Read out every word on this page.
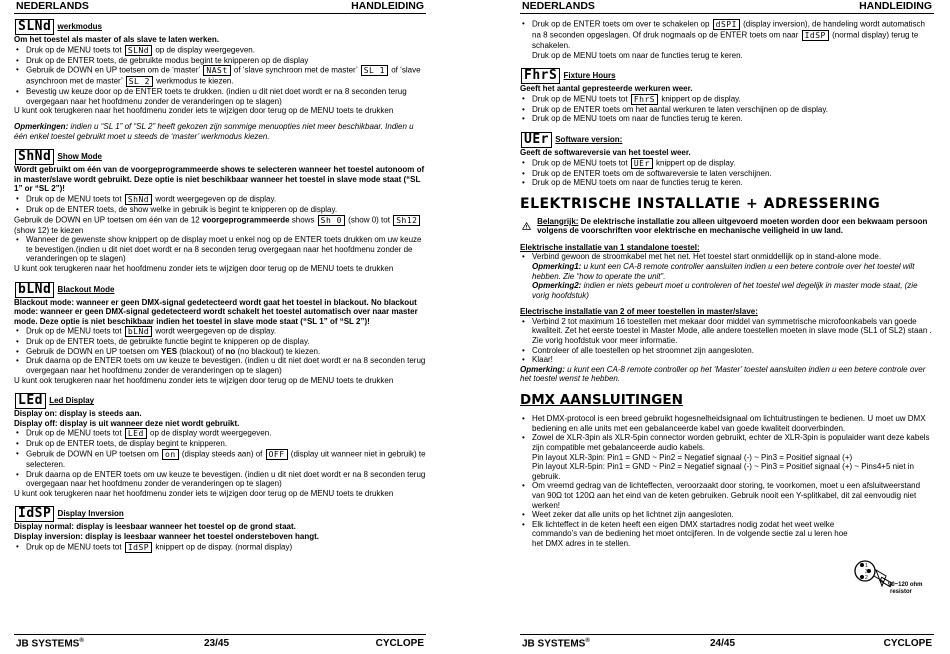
NEDERLANDS	HANDLEIDING

SLNd werkmodus

Om het toestel als master of als slave te laten werken.

• Druk op de MENU toets tot SLNd op de display weergegeven.
• Druk op de ENTER toets, de gebruikte modus begint te knipperen op de display
• Gebruik de DOWN en UP toetsen om de ‘master’ NASt of ‘slave synchroon met de master’ SL 1 of ‘slave asynchroon met de master’ SL 2 werkmodus te kiezen.
• Bevestig uw keuze door op de ENTER toets te drukken. (indien u dit niet doet wordt er na 8 seconden terug overgegaan naar het hoofdmenu zonder de veranderingen op te slagen)

U kunt ook terugkeren naar het hoofdmenu zonder iets te wijzigen door terug op de MENU toets te drukken

Opmerkingen: indien u “SL 1” of “SL 2” heeft gekozen zijn sommige menuopties niet meer beschikbaar. Indien u één enkel toestel gebruikt moet u steeds de ‘master’ werkmodus kiezen.

ShNd Show Mode

Wordt gebruikt om één van de voorgeprogrammeerde shows te selecteren wanneer het toestel autonoom of in master/slave wordt gebruikt. Deze optie is niet beschikbaar wanneer het toestel in slave mode staat (“SL 1” or “SL 2”)!

• Druk op de MENU toets tot ShNd wordt weergegeven op de display.
• Druk op de ENTER toets, de show welke in gebruik is begint te knipperen op de display.

Gebruik de DOWN en UP toetsen om één van de 12 voorgeprogrammeerde shows Sh 0 (show 0) tot Sh12 (show 12) te kiezen

• Wanneer de gewenste show knippert op de display moet u enkel nog op de ENTER toets drukken om uw keuze te bevestigen.(indien u dit niet doet wordt er na 8 seconden terug overgegaan naar het hoofdmenu zonder de veranderingen op te slagen)

U kunt ook terugkeren naar het hoofdmenu zonder iets te wijzigen door terug op de MENU toets te drukken

bLNd Blackout Mode

Blackout mode: wanneer er geen DMX-signal gedetecteerd wordt gaat het toestel in blackout. No blackout mode: wanneer er geen DMX-signal gedetecteerd wordt schakelt het toestel automatisch over naar master mode. Deze optie is niet beschikbaar indien het toestel in slave mode staat (“SL 1” of “SL 2”)!

• Druk op de MENU toets tot bLNd wordt weergegeven op de display.
• Druk op de ENTER toets, de gebruikte functie begint te knipperen op de display.
• Gebruik de DOWN en UP toetsen om YES (blackout) of no (no blackout) te kiezen.
• Druk daarna op de ENTER toets om uw keuze te bevestigen. (indien u dit niet doet wordt er na 8 seconden terug overgegaan naar het hoofdmenu zonder de veranderingen op te slagen)

U kunt ook terugkeren naar het hoofdmenu zonder iets te wijzigen door terug op de MENU toets te drukken

LEd Led Display

Display on: display is steeds aan.

Display off: display is uit wanneer deze niet wordt gebruikt.

• Druk op de MENU toets tot LEd op de display wordt weergegeven.
• Druk op de ENTER toets, de display begint te knipperen.
• Gebruik de DOWN en UP toetsen om on (display steeds aan) of OFF (display uit wanneer niet in gebruik) te selecteren.
• Druk daarna op de ENTER toets om uw keuze te bevestigen. (indien u dit niet doet wordt er na 8 seconden terug overgegaan naar het hoofdmenu zonder de veranderingen op te slagen)

U kunt ook terugkeren naar het hoofdmenu zonder iets te wijzigen door terug op de MENU toets te drukken

IdSP Display Inversion

Display normal: display is leesbaar wanneer het toestel op de grond staat.

Display inversion: display is leesbaar wanneer het toestel ondersteboven hangt.

• Druk op de MENU toets tot IdSP knippert op de dispay. (normal display)
JB SYSTEMS®	23/45	CYCLOPE
NEDERLANDS	HANDLEIDING
• Druk op de ENTER toets om over te schakelen op dSPI (display inversion), de handeling wordt automatisch na 8 seconden opgeslagen. Of druk nogmaals op de ENTER toets om naar IdSP (normal display) terug te schakelen.
Druk op de MENU toets om naar de functies terug te keren.

FhrS Fixture Hours

Geeft het aantal gepresteerde werkuren weer.

• Druk op de MENU toets tot FhrS knippert op de display.
• Druk op de ENTER toets om het aantal werkuren te laten verschijnen op de display.
• Druk op de MENU toets om naar de functies terug te keren.

UEr Software version:

Geeft de softwareversie van het toestel weer.

• Druk op de MENU toets tot UEr knippert op de display.
• Druk op de ENTER toets om de softwareversie te laten verschijnen.
• Druk op de MENU toets om naar de functies terug te keren.
ELEKTRISCHE INSTALLATIE + ADRESSERING

Belangrijk: De elektrische installatie zou alleen uitgevoerd moeten worden door een bekwaam persoon volgens de voorschriften voor elektrische en mechanische veiligheid in uw land.

Elektrische installatie van 1 standalone toestel:

• Verbind gewoon de stroomkabel met het net. Het toestel start onmiddellijk op in stand-alone mode.
Opmerking1: u kunt een CA-8 remote controller aansluiten indien u een betere controle over het toestel wilt hebben. Zie “how to operate the unit”.
Opmerking2: indien er niets gebeurt moet u controleren of het toestel wel degelijk in master mode staat, (zie vorig hoofdstuk)

Electrische installatie van 2 of meer toestellen in master/slave:

• Verbind 2 tot maximum 16 toestellen met mekaar door middel van symmetrische microfoonkabels van goede kwaliteit. Zet het eerste toestel in Master Mode, alle andere toestellen moeten in slave mode (SL1 of SL2) staan . Zie vorig hoofdstuk voor meer informatie.
• Controleer of alle toestellen op het stroomnet zijn aangesloten.
• Klaar!

Opmerking: u kunt een CA-8 remote controller op het ‘Master’ toestel aansluiten indien u een betere controle over het toestel wenst te hebben.

DMX AANSLUITINGEN
• Het DMX-protocol is een breed gebruikt hogesnelheidsignaal om lichtuitrustingen te bedienen. U moet uw DMX bediening en alle units met een gebalanceerde kabel van goede kwaliteit doorverbinden.
• Zowel de XLR-3pin als XLR-5pin connector worden gebruikt, echter de XLR-3pin is populaider want deze kabels zijn compatible met gebalanceerde audio kabels.
Pin layout XLR-3pin: Pin1 = GND ~ Pin2 = Negatief signaal (-) ~ Pin3 = Positief signaal (+)
Pin layout XLR-5pin: Pin1 = GND ~ Pin2 = Negatief signaal (-) ~ Pin3 = Positief signaal (+) ~ Pins4+5 niet in gebruik.
• Om vreemd gedrag van de lichteffecten, veroorzaakt door storing, te voorkomen, moet u een afsluitweerstand van 90Ω tot 120Ω aan het eind van de keten gebruiken. Gebruik nooit een Y-splitkabel, dit zal eenvoudig niet werken!
• Weet zeker dat alle units op het lichtnet zijn aangesloten.
• Elk lichteffect in de keten heeft een eigen DMX startadres nodig zodat het weet welke commando’s van de bediening het moet ontcijferen. In de volgende sectie zal u leren hoe het DMX adres in te stellen.
1
3
2
90~120 ohm
resistor
JB SYSTEMS®	24/45	CYCLOPE
